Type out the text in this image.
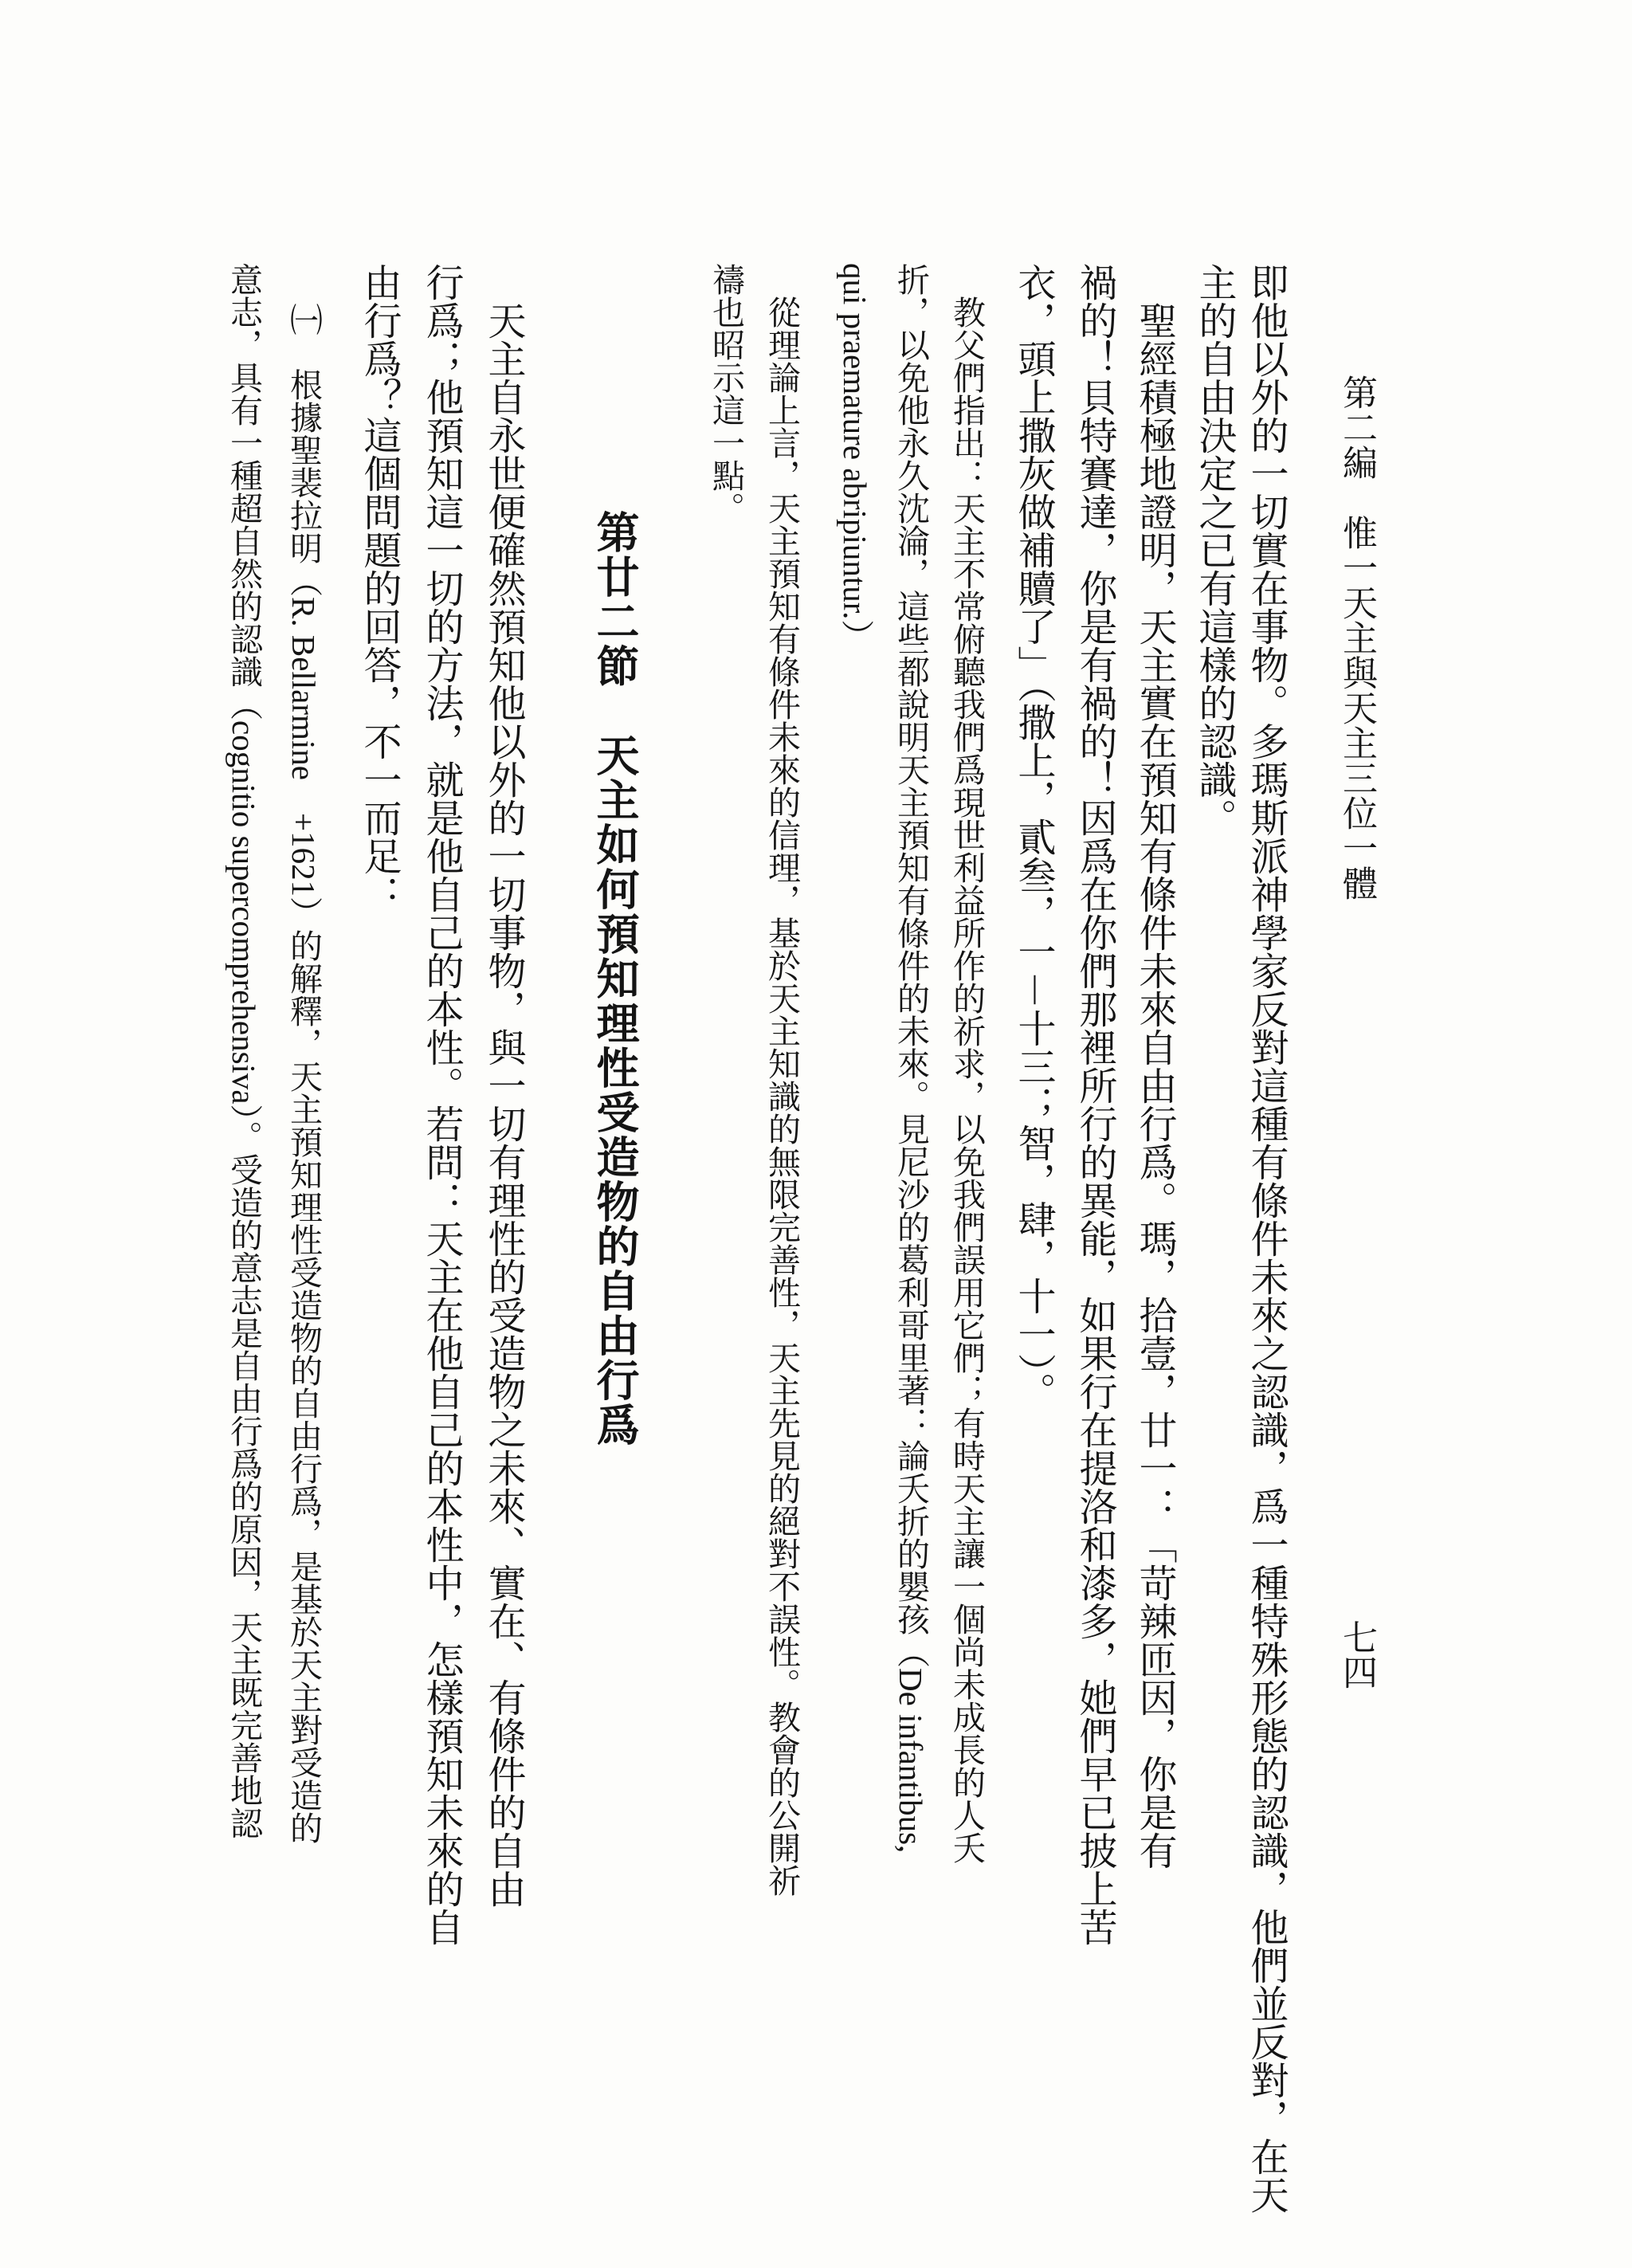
第二編　惟一天主與天主三位一體
七四
即他以外的一切實在事物。多瑪斯派神學家反對這種有條件未來之認識，爲一種特殊形態的認識，他們並反對，在天
主的自由決定之已有這樣的認識。
　聖經積極地證明，天主實在預知有條件未來自由行爲。瑪，拾壹，廿一：「苛辣匝因，你是有
禍的！貝特賽達，你是有禍的！因爲在你們那裡所行的異能，如果行在提洛和漆多，她們早已披上苦
衣，頭上撒灰做補贖了」（撒上，貳叁，一－十三；智，肆，十一）。
　教父們指出：天主不常俯聽我們爲現世利益所作的祈求，以免我們誤用它們；有時天主讓一個尚未成長的人夭
折，以免他永久沈淪，這些都說明天主預知有條件的未來。見尼沙的葛利哥里著：論夭折的嬰孩（De infantibus,
qui praemature abripiuntur.）
　從理論上言，天主預知有條件未來的信理，基於天主知識的無限完善性，天主先見的絕對不誤性。教會的公開祈
禱也昭示這一點。
第廿二節天主如何預知理性受造物的自由行爲
　天主自永世便確然預知他以外的一切事物，與一切有理性的受造物之未來、實在、有條件的自由
行爲；他預知這一切的方法，就是他自己的本性。若問：天主在他自己的本性中，怎樣預知未來的自
由行爲？這個問題的回答，不一而足：
㈠　根據聖裴拉明（R. Bellarmine　+1621）的解釋，天主預知理性受造物的自由行爲，是基於天主對受造的
意志，具有一種超自然的認識（cognitio supercomprehensiva）。受造的意志是自由行爲的原因，天主既完善地認
